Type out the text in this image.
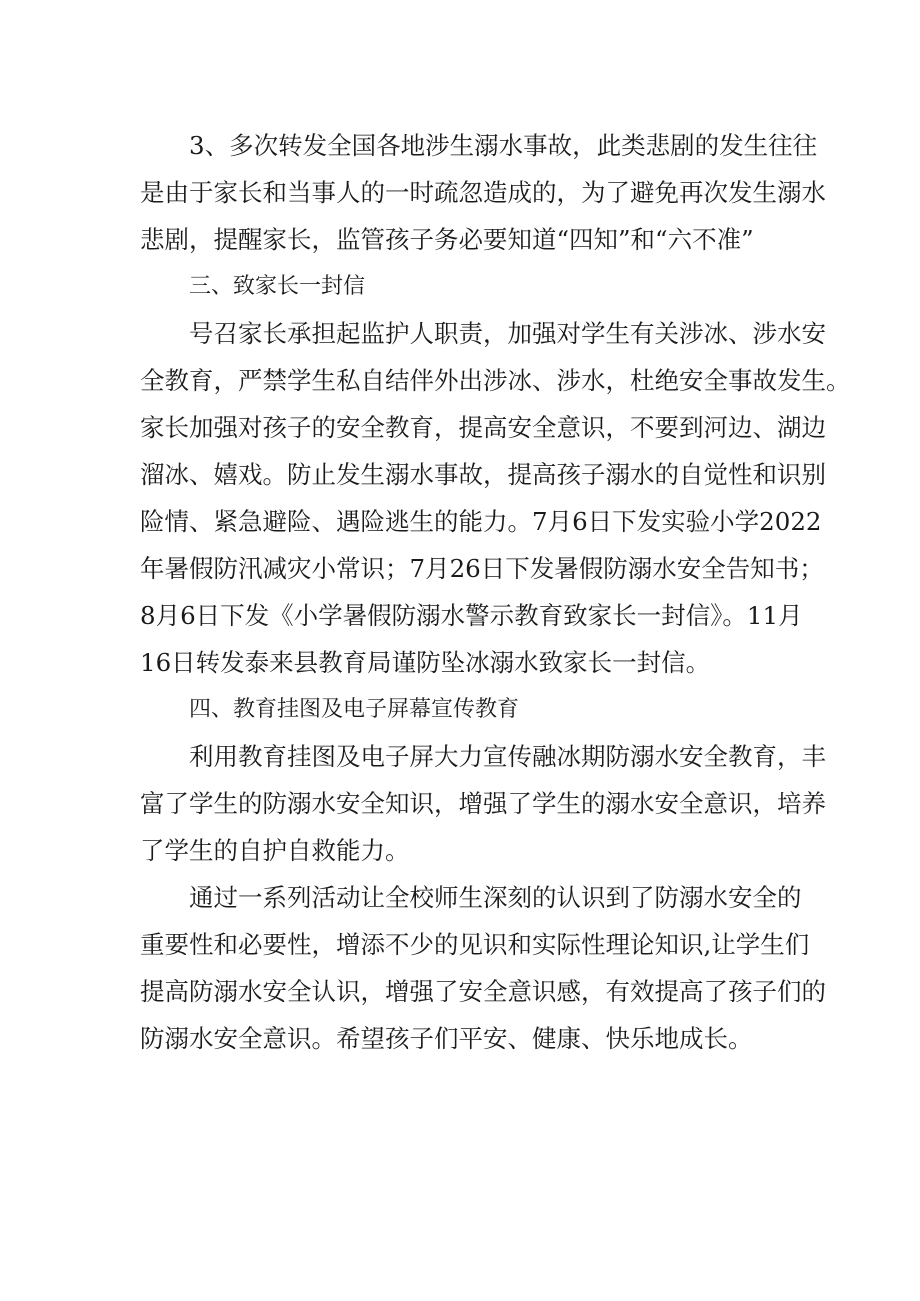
3、多次转发全国各地涉生溺水事故，此类悲剧的发生往往
是由于家长和当事人的一时疏忽造成的，为了避免再次发生溺水
悲剧，提醒家长，监管孩子务必要知道“四知”和“六不准”

三、致家长一封信

号召家长承担起监护人职责，加强对学生有关涉冰、涉水安
全教育，严禁学生私自结伴外出涉冰、涉水，杜绝安全事故发生。
家长加强对孩子的安全教育，提高安全意识，不要到河边、湖边
溜冰、嬉戏。防止发生溺水事故，提高孩子溺水的自觉性和识别
险情、紧急避险、遇险逃生的能力。7月6日下发实验小学2022
年暑假防汛减灾小常识；7月26日下发暑假防溺水安全告知书；
8月6日下发《小学暑假防溺水警示教育致家长一封信》。11月
16日转发泰来县教育局谨防坠冰溺水致家长一封信。

四、教育挂图及电子屏幕宣传教育

利用教育挂图及电子屏大力宣传融冰期防溺水安全教育，丰
富了学生的防溺水安全知识，增强了学生的溺水安全意识，培养
了学生的自护自救能力。

通过一系列活动让全校师生深刻的认识到了防溺水安全的
重要性和必要性，增添不少的见识和实际性理论知识,让学生们
提高防溺水安全认识，增强了安全意识感，有效提高了孩子们的
防溺水安全意识。希望孩子们平安、健康、快乐地成长。
